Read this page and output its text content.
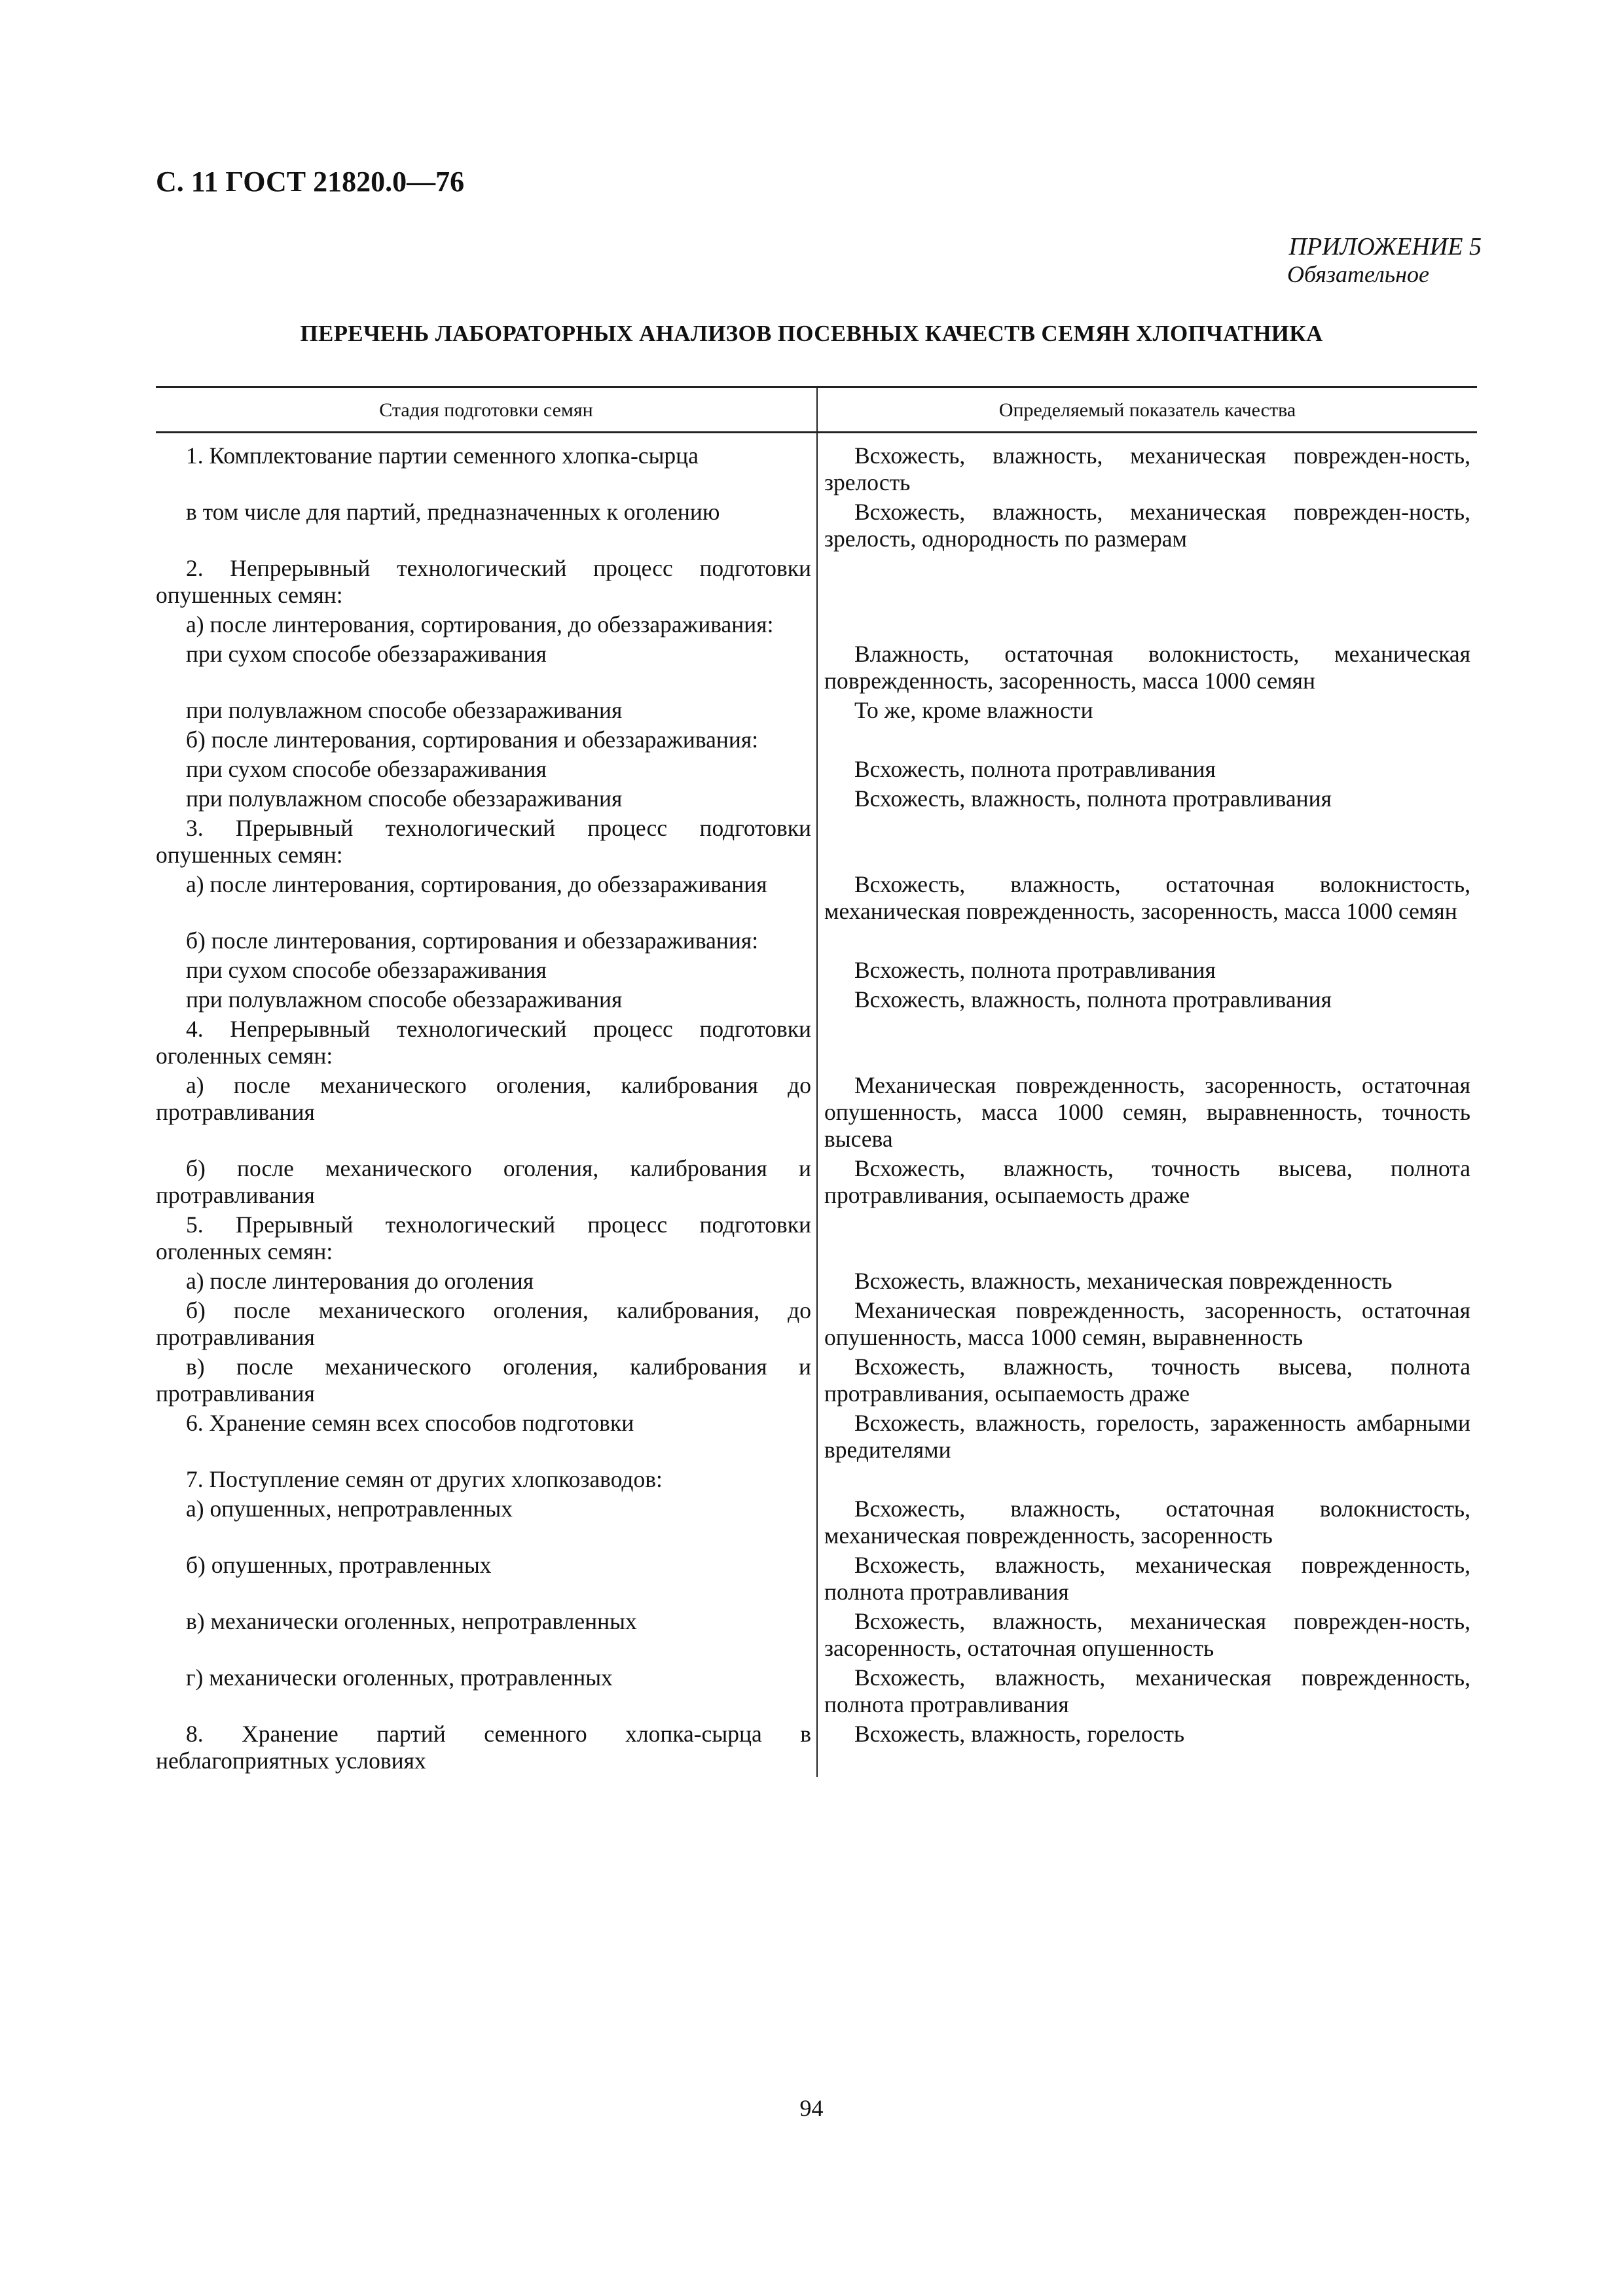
С. 11 ГОСТ 21820.0—76
ПРИЛОЖЕНИЕ 5
Обязательное
ПЕРЕЧЕНЬ ЛАБОРАТОРНЫХ АНАЛИЗОВ ПОСЕВНЫХ КАЧЕСТВ СЕМЯН ХЛОПЧАТНИКА
Стадия подготовки семян	Определяемый показатель качества

1. Комплектование партии семенного хлопка-сырца	Всхожесть, влажность, механическая поврежден-ность, зрелость

в том числе для партий, предназначенных к оголению	Всхожесть, влажность, механическая поврежден-ность, зрелость, однородность по размерам

2. Непрерывный технологический процесс подготовки опушенных семян:	

а) после линтерования, сортирования, до обеззараживания:	

при сухом способе обеззараживания	Влажность, остаточная волокнистость, механическая поврежденность, засоренность, масса 1000 семян

при полувлажном способе обеззараживания	То же, кроме влажности

б) после линтерования, сортирования и обеззараживания:	

при сухом способе обеззараживания	Всхожесть, полнота протравливания

при полувлажном способе обеззараживания	Всхожесть, влажность, полнота протравливания

3. Прерывный технологический процесс подготовки опушенных семян:	

а) после линтерования, сортирования, до обеззараживания	Всхожесть, влажность, остаточная волокнистость, механическая поврежденность, засоренность, масса 1000 семян

б) после линтерования, сортирования и обеззараживания:	

при сухом способе обеззараживания	Всхожесть, полнота протравливания

при полувлажном способе обеззараживания	Всхожесть, влажность, полнота протравливания

4. Непрерывный технологический процесс подготовки оголенных семян:	

а) после механического оголения, калибрования до протравливания	Механическая поврежденность, засоренность, остаточная опушенность, масса 1000 семян, выравненность, точность высева

б) после механического оголения, калибрования и протравливания	Всхожесть, влажность, точность высева, полнота протравливания, осыпаемость драже

5. Прерывный технологический процесс подготовки оголенных семян:	

а) после линтерования до оголения	Всхожесть, влажность, механическая поврежденность

б) после механического оголения, калибрования, до протравливания	Механическая поврежденность, засоренность, остаточная опушенность, масса 1000 семян, выравненность

в) после механического оголения, калибрования и протравливания	Всхожесть, влажность, точность высева, полнота протравливания, осыпаемость драже

6. Хранение семян всех способов подготовки	Всхожесть, влажность, горелость, зараженность амбарными вредителями

7. Поступление семян от других хлопкозаводов:	

а) опушенных, непротравленных	Всхожесть, влажность, остаточная волокнистость, механическая поврежденность, засоренность

б) опушенных, протравленных	Всхожесть, влажность, механическая поврежденность, полнота протравливания

в) механически оголенных, непротравленных	Всхожесть, влажность, механическая поврежден-ность, засоренность, остаточная опушенность

г) механически оголенных, протравленных	Всхожесть, влажность, механическая поврежденность, полнота протравливания

8. Хранение партий семенного хлопка-сырца в неблагоприятных условиях	Всхожесть, влажность, горелость
94
